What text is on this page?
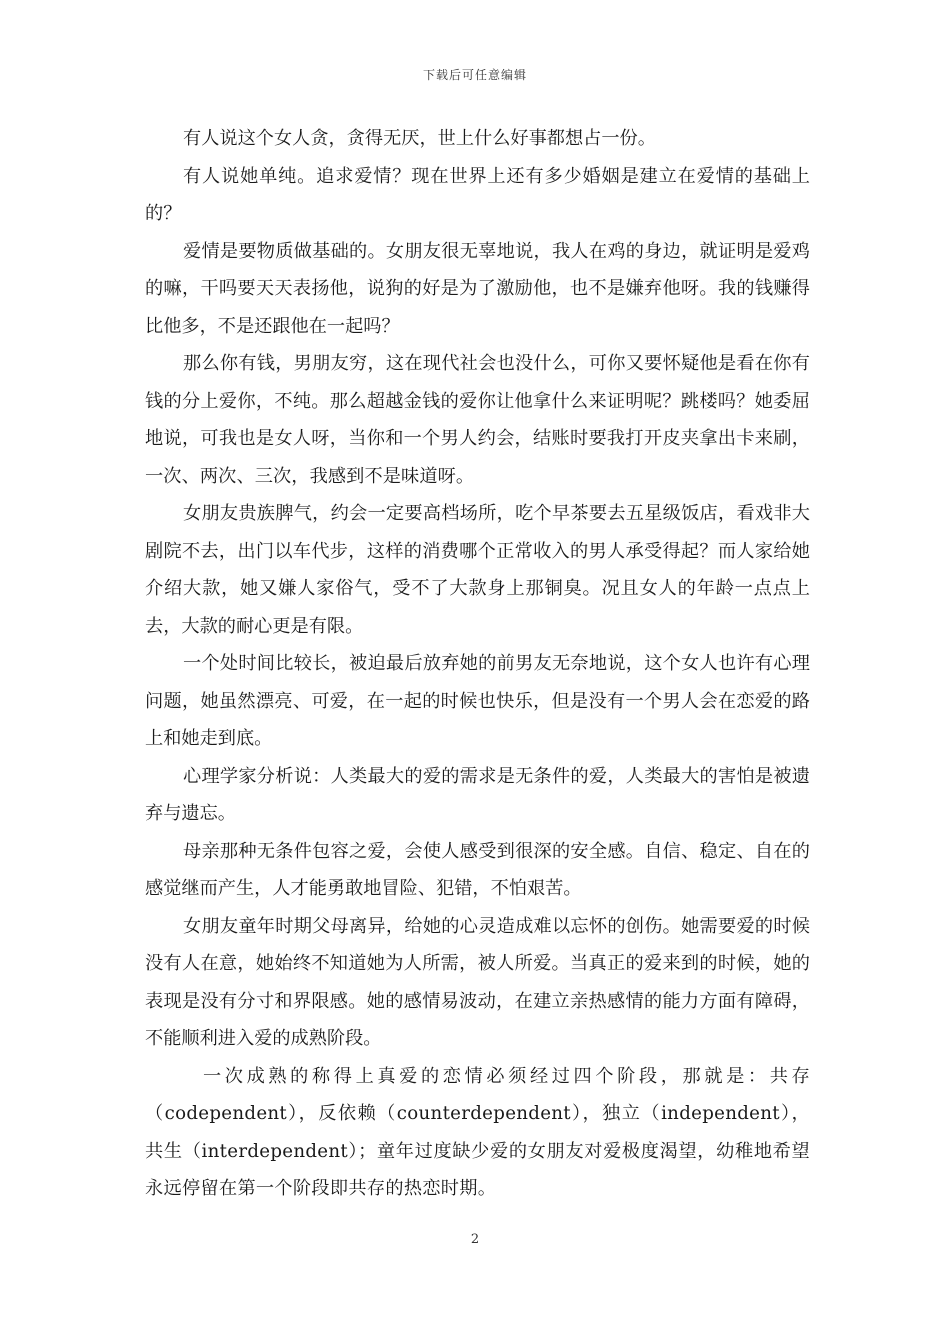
下载后可任意编辑

有人说这个女人贪，贪得无厌，世上什么好事都想占一份。

有人说她单纯。追求爱情？现在世界上还有多少婚姻是建立在爱情的基础上的？

爱情是要物质做基础的。女朋友很无辜地说，我人在鸡的身边，就证明是爱鸡的嘛，干吗要天天表扬他，说狗的好是为了激励他，也不是嫌弃他呀。我的钱赚得比他多，不是还跟他在一起吗？

那么你有钱，男朋友穷，这在现代社会也没什么，可你又要怀疑他是看在你有钱的分上爱你，不纯。那么超越金钱的爱你让他拿什么来证明呢？跳楼吗？她委屈地说，可我也是女人呀，当你和一个男人约会，结账时要我打开皮夹拿出卡来刷，一次、两次、三次，我感到不是味道呀。

女朋友贵族脾气，约会一定要高档场所，吃个早茶要去五星级饭店，看戏非大剧院不去，出门以车代步，这样的消费哪个正常收入的男人承受得起？而人家给她介绍大款，她又嫌人家俗气，受不了大款身上那铜臭。况且女人的年龄一点点上去，大款的耐心更是有限。

一个处时间比较长，被迫最后放弃她的前男友无奈地说，这个女人也许有心理问题，她虽然漂亮、可爱，在一起的时候也快乐，但是没有一个男人会在恋爱的路上和她走到底。

心理学家分析说：人类最大的爱的需求是无条件的爱，人类最大的害怕是被遗弃与遗忘。

母亲那种无条件包容之爱，会使人感受到很深的安全感。自信、稳定、自在的感觉继而产生，人才能勇敢地冒险、犯错，不怕艰苦。

女朋友童年时期父母离异，给她的心灵造成难以忘怀的创伤。她需要爱的时候没有人在意，她始终不知道她为人所需，被人所爱。当真正的爱来到的时候，她的表现是没有分寸和界限感。她的感情易波动，在建立亲热感情的能力方面有障碍，不能顺利进入爱的成熟阶段。

一次成熟的称得上真爱的恋情必须经过四个阶段，那就是：共存（codependent），反依赖（counterdependent），独立（independent），共生（interdependent）；童年过度缺少爱的女朋友对爱极度渴望，幼稚地希望永远停留在第一个阶段即共存的热恋时期。

2
